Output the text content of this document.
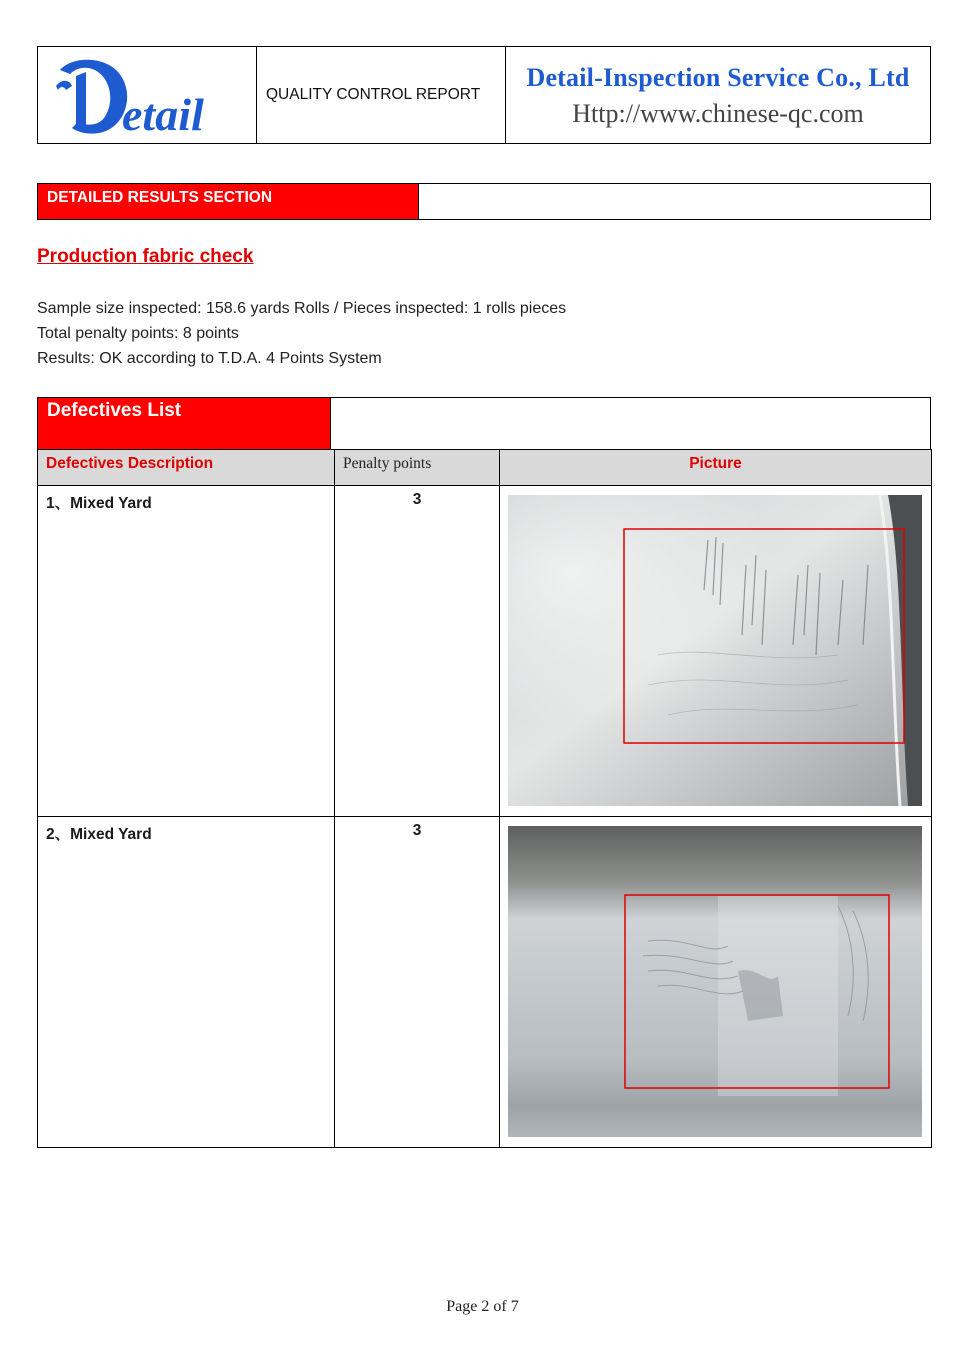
etail	QUALITY CONTROL REPORT
Detail-Inspection Service Co., Ltd
Http://www.chinese-qc.com
DETAILED RESULTS SECTION
Production fabric check
Sample size inspected: 158.6 yards Rolls / Pieces inspected: 1 rolls pieces
Total penalty points: 8 points
Results: OK according to T.D.A. 4 Points System
Defectives List
Defectives Description	Penalty points	Picture

1、Mixed Yard	3

2、Mixed Yard	3

Page 2 of 7
